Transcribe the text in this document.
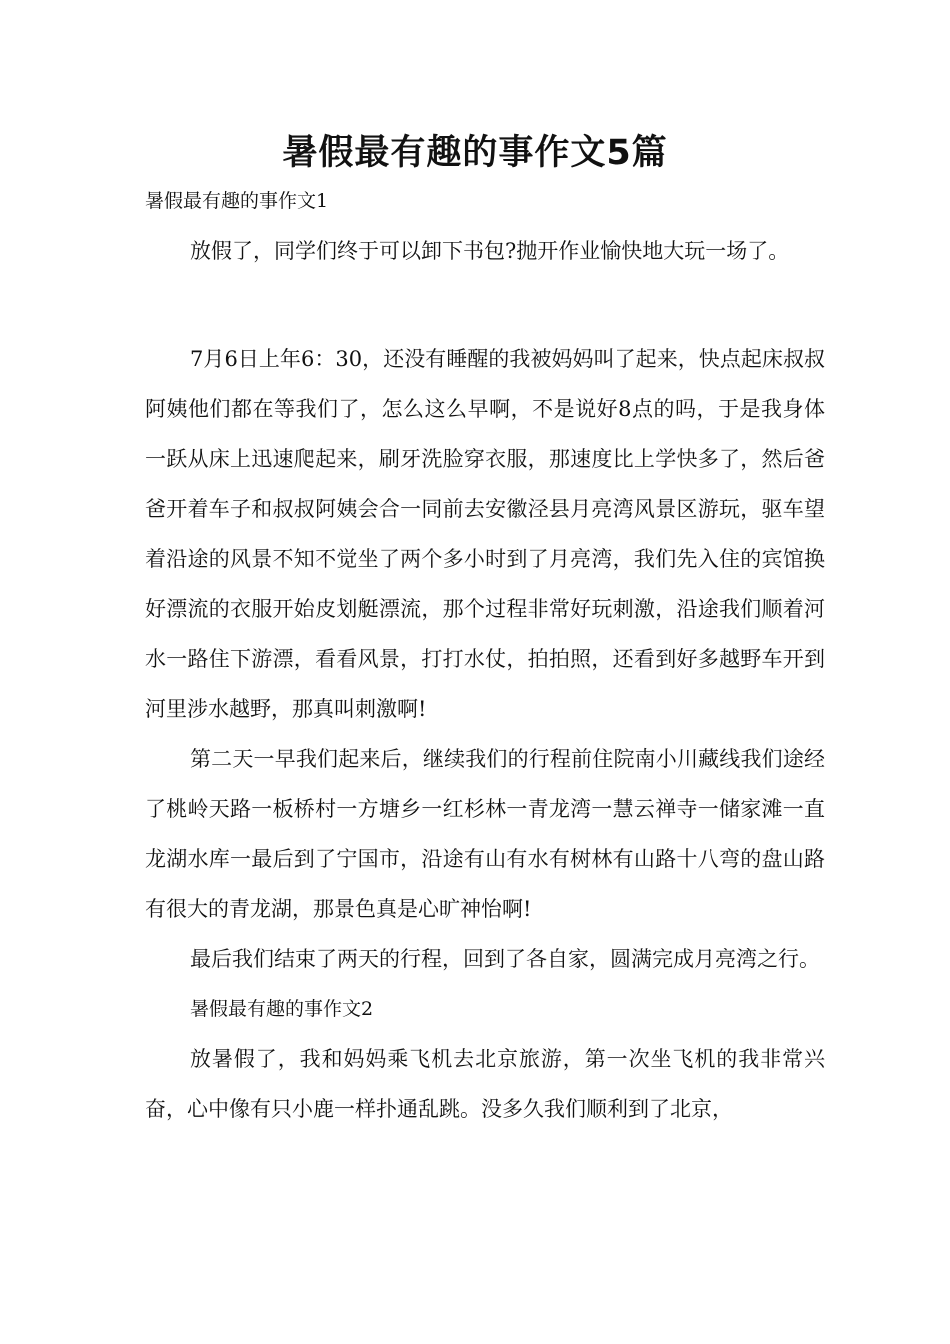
暑假最有趣的事作文5篇

暑假最有趣的事作文1

放假了，同学们终于可以卸下书包?抛开作业愉快地大玩一场了。

7月6日上年6：30，还没有睡醒的我被妈妈叫了起来，快点起床叔叔阿姨他们都在等我们了，怎么这么早啊，不是说好8点的吗，于是我身体一跃从床上迅速爬起来，刷牙洗脸穿衣服，那速度比上学快多了，然后爸爸开着车子和叔叔阿姨会合一同前去安徽泾县月亮湾风景区游玩，驱车望着沿途的风景不知不觉坐了两个多小时到了月亮湾，我们先入住的宾馆换好漂流的衣服开始皮划艇漂流，那个过程非常好玩刺激，沿途我们顺着河水一路住下游漂，看看风景，打打水仗，拍拍照，还看到好多越野车开到河里涉水越野，那真叫刺激啊!

第二天一早我们起来后，继续我们的行程前住院南小川藏线我们途经了桃岭天路一板桥村一方塘乡一红杉林一青龙湾一慧云禅寺一储家滩一直龙湖水库一最后到了宁国市，沿途有山有水有树林有山路十八弯的盘山路有很大的青龙湖，那景色真是心旷神怡啊!

最后我们结束了两天的行程，回到了各自家，圆满完成月亮湾之行。

暑假最有趣的事作文2

放暑假了，我和妈妈乘飞机去北京旅游，第一次坐飞机的我非常兴奋，心中像有只小鹿一样扑通乱跳。没多久我们顺利到了北京，
